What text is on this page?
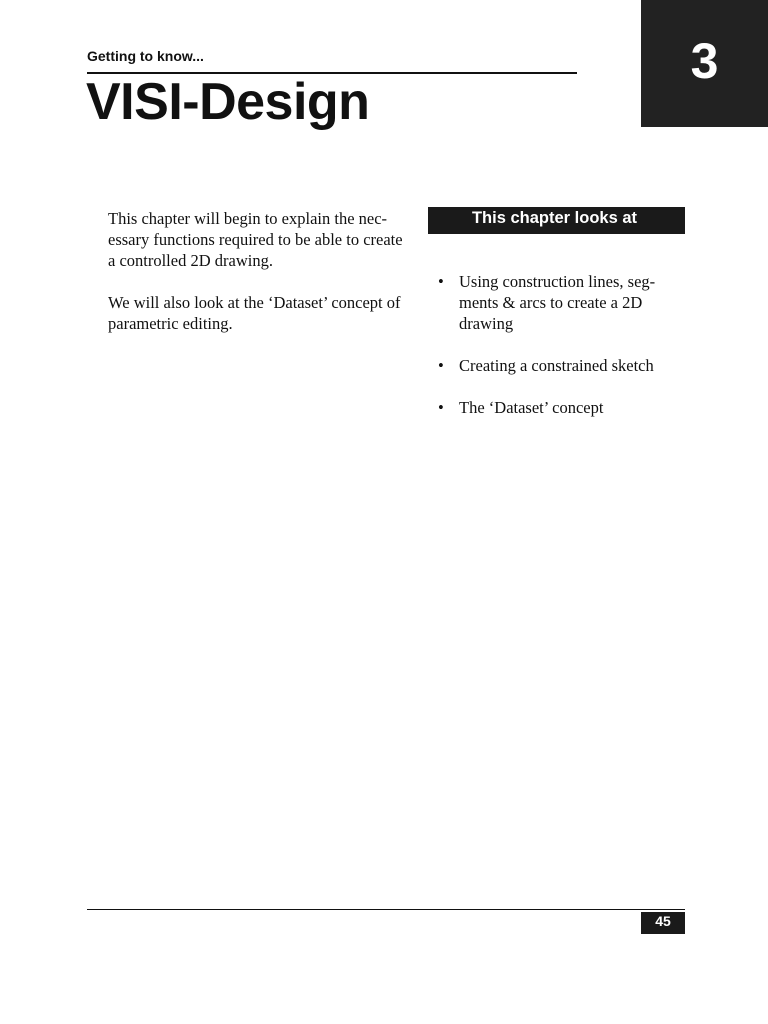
3
Getting to know...
VISI-Design

This chapter will begin to explain the nec-essary functions required to be able to create a controlled 2D drawing.

We will also look at the ‘Dataset’ concept of parametric editing.

This chapter looks at
• Using construction lines, seg-ments & arcs to create a 2D drawing
• Creating a constrained sketch
• The ‘Dataset’ concept
45
